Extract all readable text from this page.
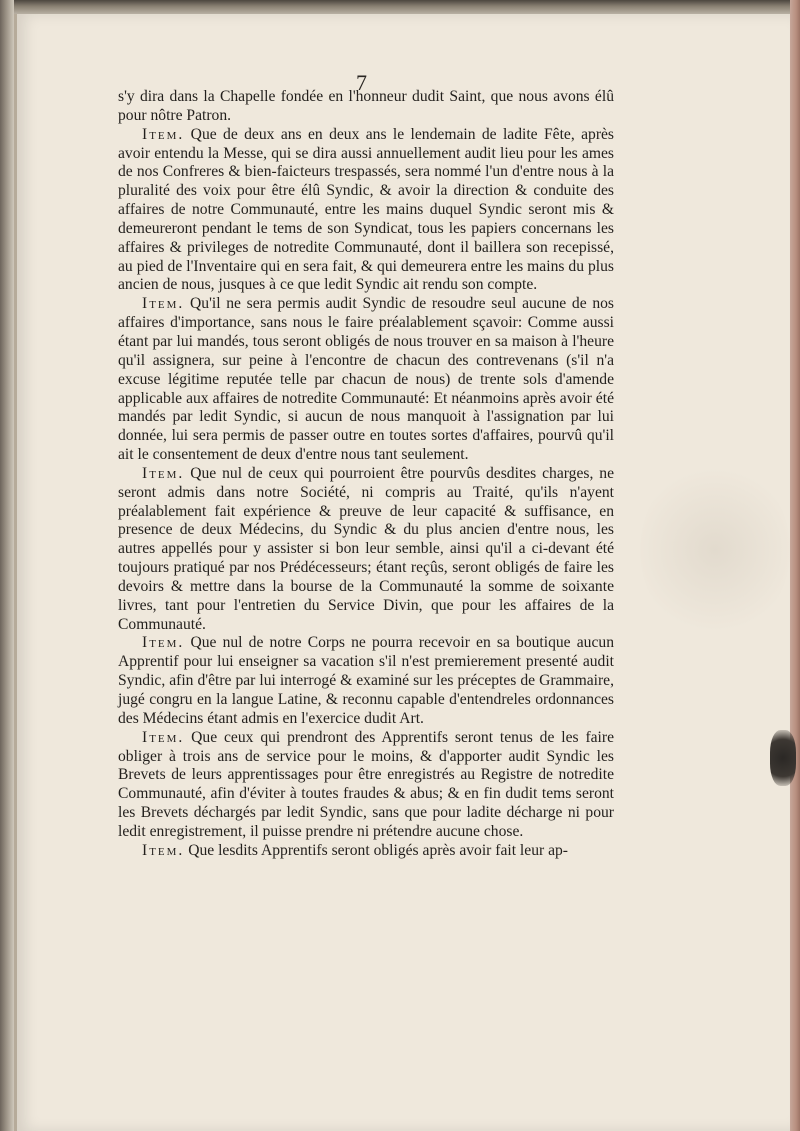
7

s'y dira dans la Chapelle fondée en l'honneur dudit Saint, que nous avons élû pour nôtre Patron.

Item. Que de deux ans en deux ans le lendemain de ladite Fête, après avoir entendu la Messe, qui se dira aussi annuellement audit lieu pour les ames de nos Confreres & bien-faicteurs trespassés, sera nommé l'un d'entre nous à la pluralité des voix pour être élû Syndic, & avoir la direction & conduite des affaires de notre Communauté, entre les mains duquel Syndic seront mis & demeureront pendant le tems de son Syndicat, tous les papiers concernans les affaires & privileges de notredite Communauté, dont il baillera son recepissé, au pied de l'Inventaire qui en sera fait, & qui demeurera entre les mains du plus ancien de nous, jusques à ce que ledit Syndic ait rendu son compte.

Item. Qu'il ne sera permis audit Syndic de resoudre seul aucune de nos affaires d'importance, sans nous le faire préalablement sçavoir: Comme aussi étant par lui mandés, tous seront obligés de nous trouver en sa maison à l'heure qu'il assignera, sur peine à l'encontre de chacun des contrevenans (s'il n'a excuse légitime reputée telle par chacun de nous) de trente sols d'amende applicable aux affaires de notredite Communauté: Et néanmoins après avoir été mandés par ledit Syndic, si aucun de nous manquoit à l'assignation par lui donnée, lui sera permis de passer outre en toutes sortes d'affaires, pourvû qu'il ait le consentement de deux d'entre nous tant seulement.

Item. Que nul de ceux qui pourroient être pourvûs desdites charges, ne seront admis dans notre Société, ni compris au Traité, qu'ils n'ayent préalablement fait expérience & preuve de leur capacité & suffisance, en presence de deux Médecins, du Syndic & du plus ancien d'entre nous, les autres appellés pour y assister si bon leur semble, ainsi qu'il a ci-devant été toujours pratiqué par nos Prédécesseurs; étant reçûs, seront obligés de faire les devoirs & mettre dans la bourse de la Communauté la somme de soixante livres, tant pour l'entretien du Service Divin, que pour les affaires de la Communauté.

Item. Que nul de notre Corps ne pourra recevoir en sa boutique aucun Apprentif pour lui enseigner sa vacation s'il n'est premierement presenté audit Syndic, afin d'être par lui interrogé & examiné sur les préceptes de Grammaire, jugé congru en la langue Latine, & reconnu capable d'entendreles ordonnances des Médecins étant admis en l'exercice dudit Art.

Item. Que ceux qui prendront des Apprentifs seront tenus de les faire obliger à trois ans de service pour le moins, & d'apporter audit Syndic les Brevets de leurs apprentissages pour être enregistrés au Registre de notredite Communauté, afin d'éviter à toutes fraudes & abus; & en fin dudit tems seront les Brevets déchargés par ledit Syndic, sans que pour ladite décharge ni pour ledit enregistrement, il puisse prendre ni prétendre aucune chose.

Item. Que lesdits Apprentifs seront obligés après avoir fait leur ap-
